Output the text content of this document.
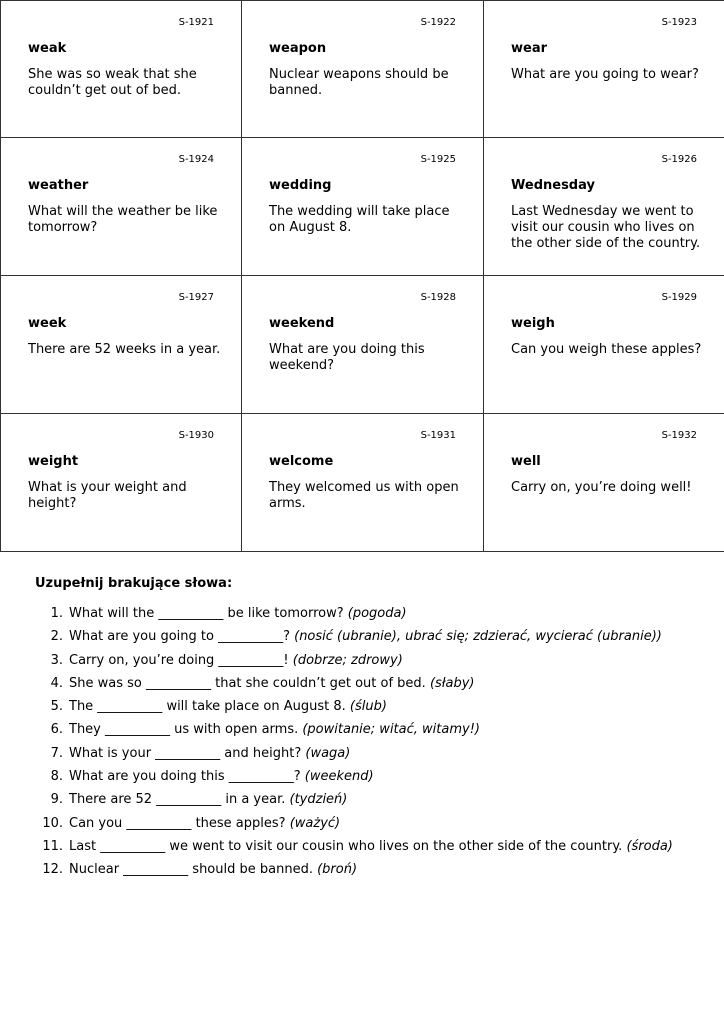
S-1921
weak
She was so weak that she couldn’t get out of bed.
S-1922
weapon
Nuclear weapons should be banned.
S-1923
wear
What are you going to wear?
S-1924
weather
What will the weather be like tomorrow?
S-1925
wedding
The wedding will take place on August 8.
S-1926
Wednesday
Last Wednesday we went to visit our cousin who lives on the other side of the country.
S-1927
week
There are 52 weeks in a year.
S-1928
weekend
What are you doing this weekend?
S-1929
weigh
Can you weigh these apples?
S-1930
weight
What is your weight and height?
S-1931
welcome
They welcomed us with open arms.
S-1932
well
Carry on, you’re doing well!
Uzupełnij brakujące słowa:
1. What will the __________ be like tomorrow? (pogoda)
2. What are you going to __________? (nosić (ubranie), ubrać się; zdzierać, wycierać (ubranie))
3. Carry on, you’re doing __________! (dobrze; zdrowy)
4. She was so __________ that she couldn’t get out of bed. (słaby)
5. The __________ will take place on August 8. (ślub)
6. They __________ us with open arms. (powitanie; witać, witamy!)
7. What is your __________ and height? (waga)
8. What are you doing this __________? (weekend)
9. There are 52 __________ in a year. (tydzień)
10. Can you __________ these apples? (ważyć)
11. Last __________ we went to visit our cousin who lives on the other side of the country. (środa)
12. Nuclear __________ should be banned. (broń)
